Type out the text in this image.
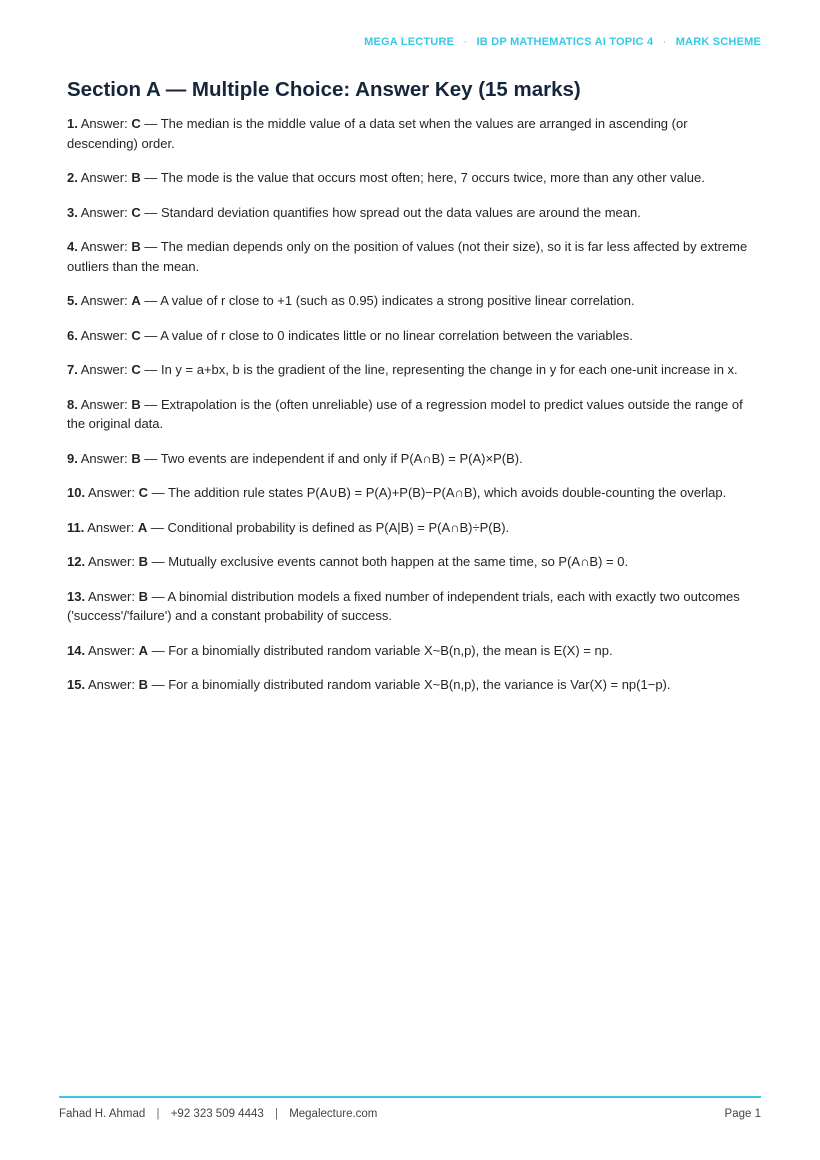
MEGA LECTURE · IB DP MATHEMATICS AI TOPIC 4 · MARK SCHEME
Section A — Multiple Choice: Answer Key (15 marks)

1. Answer: C — The median is the middle value of a data set when the values are arranged in ascending (or descending) order.

2. Answer: B — The mode is the value that occurs most often; here, 7 occurs twice, more than any other value.

3. Answer: C — Standard deviation quantifies how spread out the data values are around the mean.

4. Answer: B — The median depends only on the position of values (not their size), so it is far less affected by extreme outliers than the mean.

5. Answer: A — A value of r close to +1 (such as 0.95) indicates a strong positive linear correlation.

6. Answer: C — A value of r close to 0 indicates little or no linear correlation between the variables.

7. Answer: C — In y = a+bx, b is the gradient of the line, representing the change in y for each one-unit increase in x.

8. Answer: B — Extrapolation is the (often unreliable) use of a regression model to predict values outside the range of the original data.

9. Answer: B — Two events are independent if and only if P(A∩B) = P(A)×P(B).

10. Answer: C — The addition rule states P(A∪B) = P(A)+P(B)−P(A∩B), which avoids double-counting the overlap.

11. Answer: A — Conditional probability is defined as P(A|B) = P(A∩B)÷P(B).

12. Answer: B — Mutually exclusive events cannot both happen at the same time, so P(A∩B) = 0.

13. Answer: B — A binomial distribution models a fixed number of independent trials, each with exactly two outcomes ('success'/'failure') and a constant probability of success.

14. Answer: A — For a binomially distributed random variable X~B(n,p), the mean is E(X) = np.

15. Answer: B — For a binomially distributed random variable X~B(n,p), the variance is Var(X) = np(1−p).

Fahad H. Ahmad | +92 323 509 4443 | Megalecture.com	Page 1
